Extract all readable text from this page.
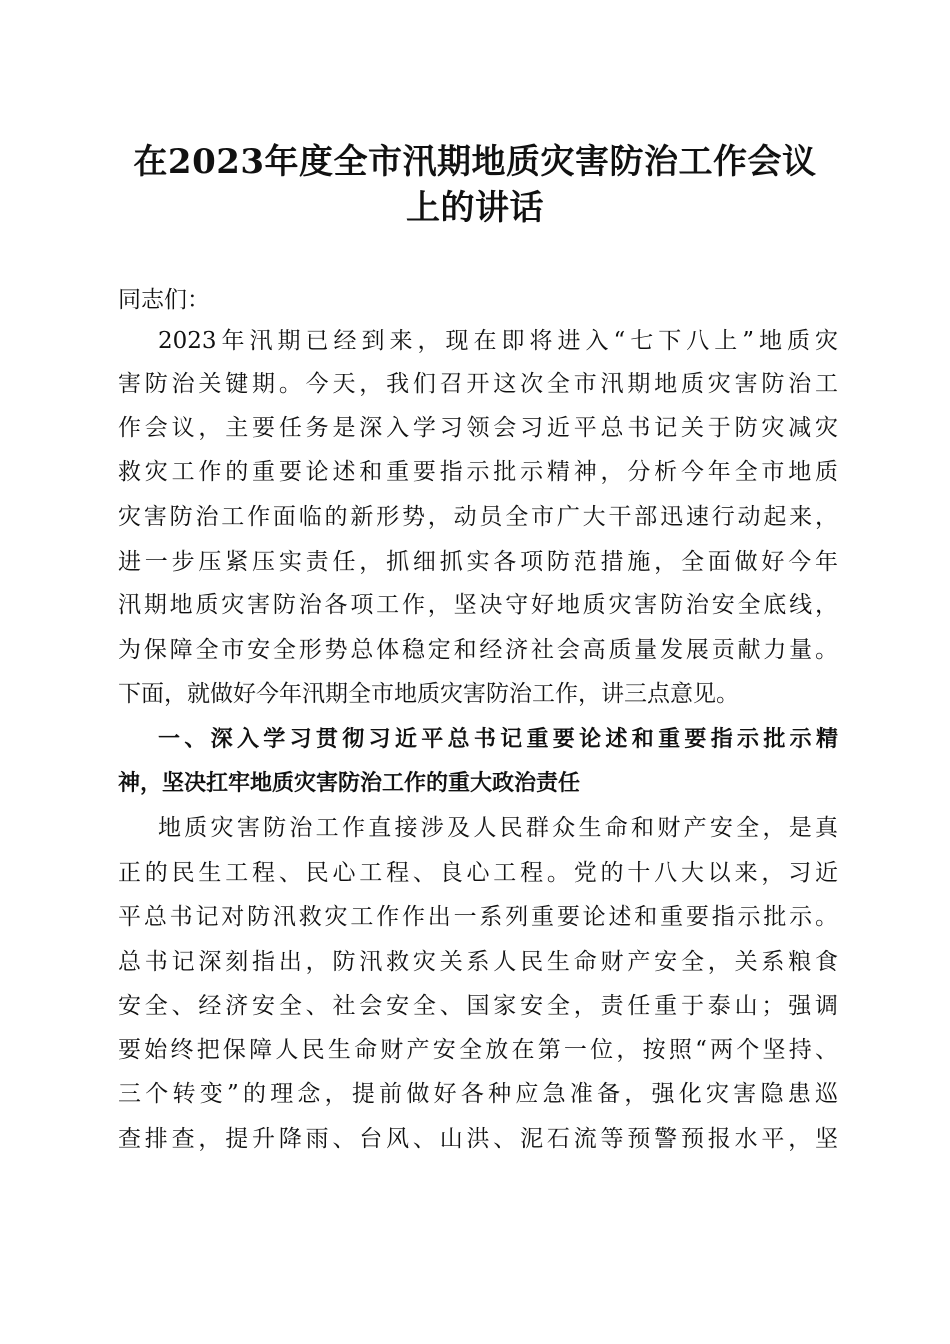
在2023年度全市汛期地质灾害防治工作会议
上的讲话
同志们：
2023年汛期已经到来，现在即将进入“七下八上”地质灾
害防治关键期。今天，我们召开这次全市汛期地质灾害防治工
作会议，主要任务是深入学习领会习近平总书记关于防灾减灾
救灾工作的重要论述和重要指示批示精神，分析今年全市地质
灾害防治工作面临的新形势，动员全市广大干部迅速行动起来，
进一步压紧压实责任，抓细抓实各项防范措施，全面做好今年
汛期地质灾害防治各项工作，坚决守好地质灾害防治安全底线，
为保障全市安全形势总体稳定和经济社会高质量发展贡献力量。
下面，就做好今年汛期全市地质灾害防治工作，讲三点意见。
一、深入学习贯彻习近平总书记重要论述和重要指示批示精
神，坚决扛牢地质灾害防治工作的重大政治责任
地质灾害防治工作直接涉及人民群众生命和财产安全，是真
正的民生工程、民心工程、良心工程。党的十八大以来，习近
平总书记对防汛救灾工作作出一系列重要论述和重要指示批示。
总书记深刻指出，防汛救灾关系人民生命财产安全，关系粮食
安全、经济安全、社会安全、国家安全，责任重于泰山；强调
要始终把保障人民生命财产安全放在第一位，按照“两个坚持、
三个转变”的理念，提前做好各种应急准备，强化灾害隐患巡
查排查，提升降雨、台风、山洪、泥石流等预警预报水平，坚
